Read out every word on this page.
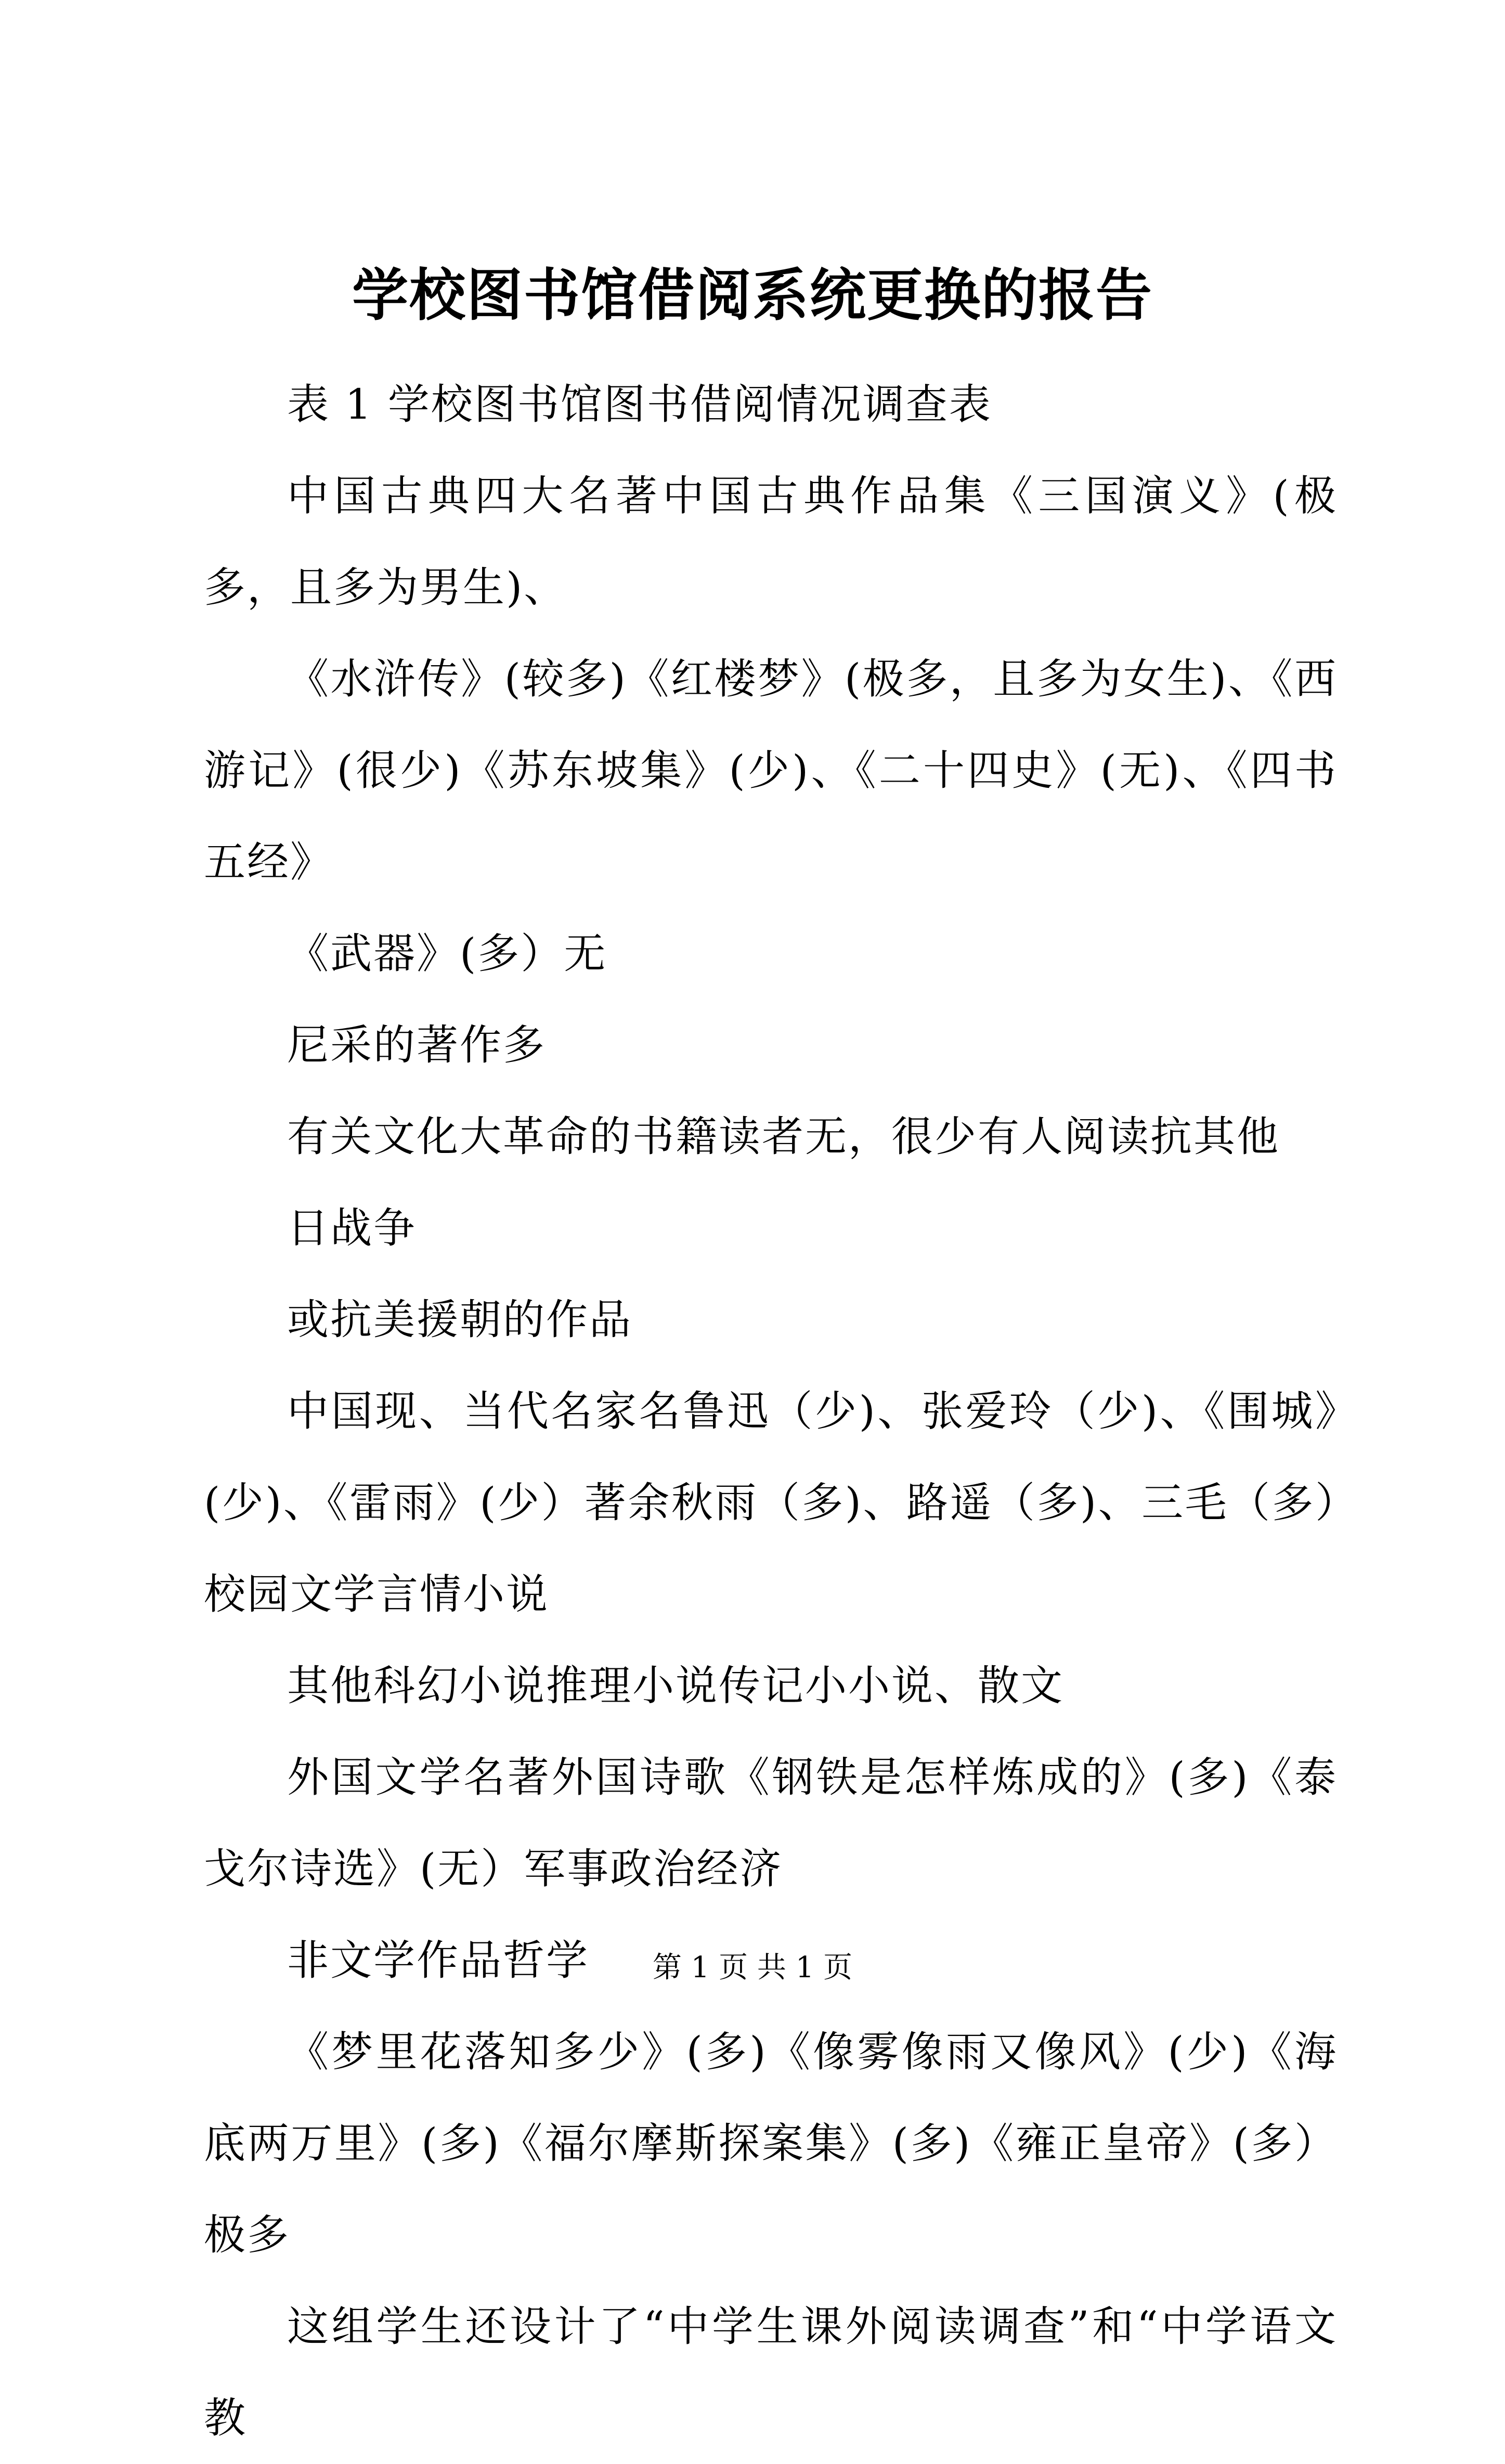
学校图书馆借阅系统更换的报告

表 1 学校图书馆图书借阅情况调查表

中国古典四大名著中国古典作品集《三国演义》(极多，且多为男生)、

《水浒传》(较多)《红楼梦》(极多，且多为女生)、《西游记》(很少)《苏东坡集》(少)、《二十四史》(无)、《四书五经》

《武器》(多）无

尼采的著作多

有关文化大革命的书籍读者无，很少有人阅读抗其他

日战争

或抗美援朝的作品

中国现、当代名家名鲁迅（少)、张爱玲（少)、《围城》(少)、《雷雨》(少）著余秋雨（多)、路遥（多)、三毛（多）校园文学言情小说

其他科幻小说推理小说传记小小说、散文

外国文学名著外国诗歌《钢铁是怎样炼成的》(多)《泰戈尔诗选》(无）军事政治经济

非文学作品哲学

《梦里花落知多少》(多)《像雾像雨又像风》(少)《海底两万里》(多)《福尔摩斯探案集》(多)《雍正皇帝》(多）极多

这组学生还设计了“中学生课外阅读调查”和“中学语文教

第 1 页 共 1 页
